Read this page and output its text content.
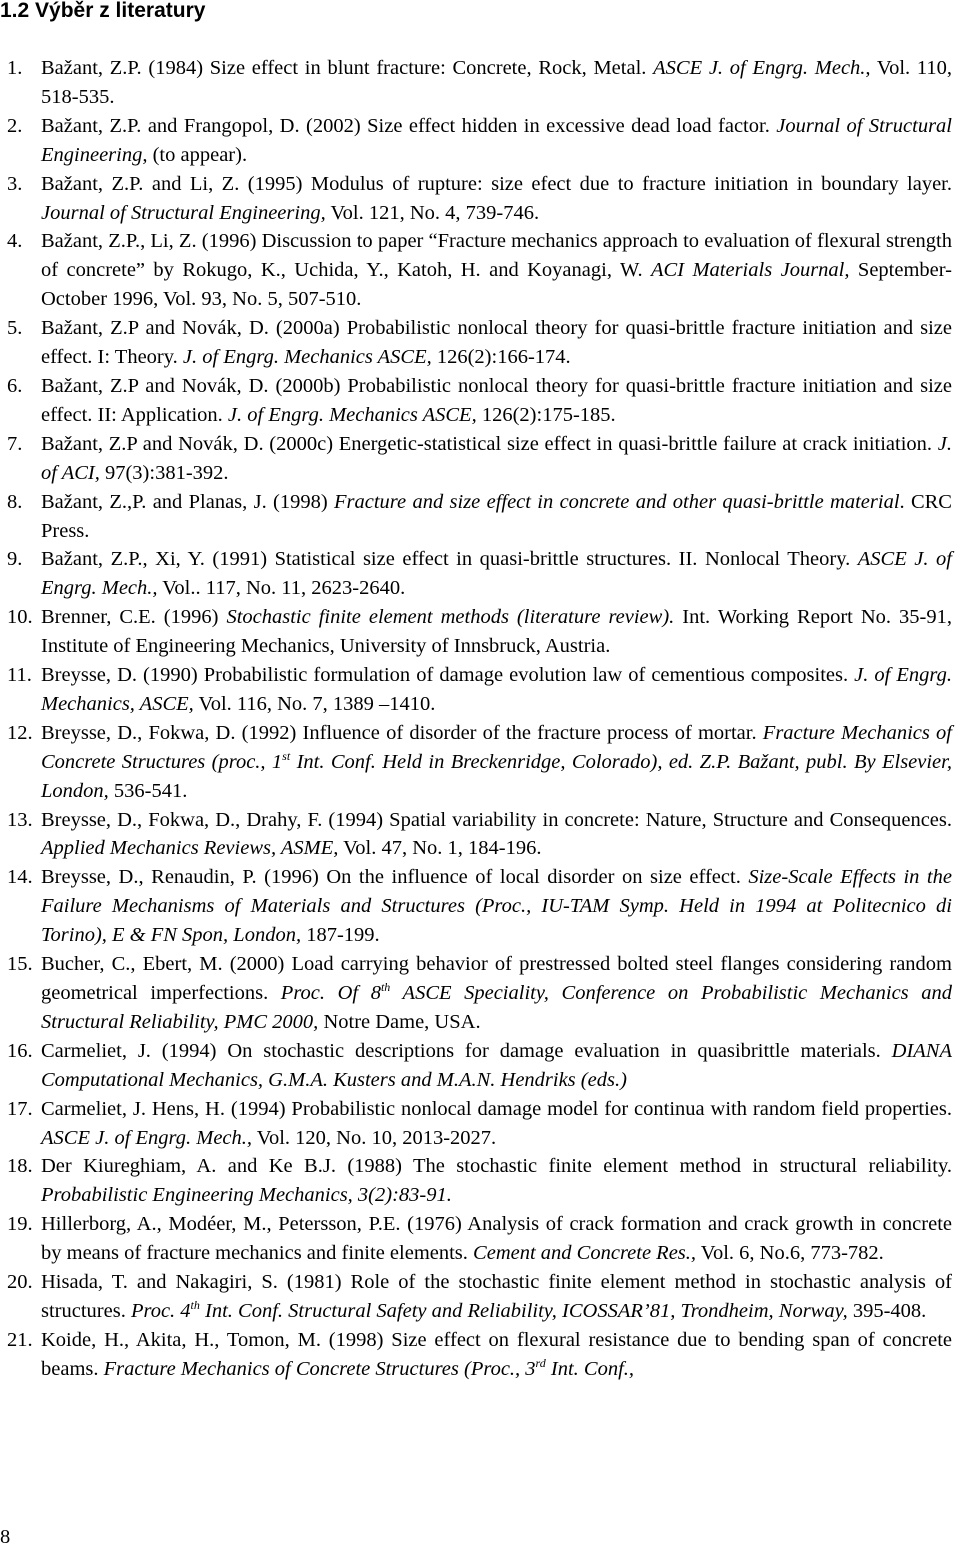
1.2 Výběr z literatury
1. Bažant, Z.P. (1984) Size effect in blunt fracture: Concrete, Rock, Metal. ASCE J. of Engrg. Mech., Vol. 110, 518-535.
2. Bažant, Z.P. and Frangopol, D. (2002) Size effect hidden in excessive dead load factor. Journal of Structural Engineering, (to appear).
3. Bažant, Z.P. and Li, Z. (1995) Modulus of rupture: size efect due to fracture initiation in boundary layer. Journal of Structural Engineering, Vol. 121, No. 4, 739-746.
4. Bažant, Z.P., Li, Z. (1996) Discussion to paper “Fracture mechanics approach to evaluation of flexural strength of concrete” by Rokugo, K., Uchida, Y., Katoh, H. and Koyanagi, W. ACI Materials Journal, September-October 1996, Vol. 93, No. 5, 507-510.
5. Bažant, Z.P and Novák, D. (2000a) Probabilistic nonlocal theory for quasi-brittle fracture initiation and size effect. I: Theory. J. of Engrg. Mechanics ASCE, 126(2):166-174.
6. Bažant, Z.P and Novák, D. (2000b) Probabilistic nonlocal theory for quasi-brittle fracture initiation and size effect. II: Application. J. of Engrg. Mechanics ASCE, 126(2):175-185.
7. Bažant, Z.P and Novák, D. (2000c) Energetic-statistical size effect in quasi-brittle failure at crack initiation. J. of ACI, 97(3):381-392.
8. Bažant, Z.,P. and Planas, J. (1998) Fracture and size effect in concrete and other quasi-brittle material. CRC Press.
9. Bažant, Z.P., Xi, Y. (1991) Statistical size effect in quasi-brittle structures. II. Nonlocal Theory. ASCE J. of Engrg. Mech., Vol.. 117, No. 11, 2623-2640.
10. Brenner, C.E. (1996) Stochastic finite element methods (literature review). Int. Working Report No. 35-91, Institute of Engineering Mechanics, University of Innsbruck, Austria.
11. Breysse, D. (1990) Probabilistic formulation of damage evolution law of cementious composites. J. of Engrg. Mechanics, ASCE, Vol. 116, No. 7, 1389 –1410.
12. Breysse, D., Fokwa, D. (1992) Influence of disorder of the fracture process of mortar. Fracture Mechanics of Concrete Structures (proc., 1st Int. Conf. Held in Breckenridge, Colorado), ed. Z.P. Bažant, publ. By Elsevier, London, 536-541.
13. Breysse, D., Fokwa, D., Drahy, F. (1994) Spatial variability in concrete: Nature, Structure and Consequences. Applied Mechanics Reviews, ASME, Vol. 47, No. 1, 184-196.
14. Breysse, D., Renaudin, P. (1996) On the influence of local disorder on size effect. Size-Scale Effects in the Failure Mechanisms of Materials and Structures (Proc., IU-TAM Symp. Held in 1994 at Politecnico di Torino), E & FN Spon, London, 187-199.
15. Bucher, C., Ebert, M. (2000) Load carrying behavior of prestressed bolted steel flanges considering random geometrical imperfections. Proc. Of 8th ASCE Speciality, Conference on Probabilistic Mechanics and Structural Reliability, PMC 2000, Notre Dame, USA.
16. Carmeliet, J. (1994) On stochastic descriptions for damage evaluation in quasibrittle materials. DIANA Computational Mechanics, G.M.A. Kusters and M.A.N. Hendriks (eds.)
17. Carmeliet, J. Hens, H. (1994) Probabilistic nonlocal damage model for continua with random field properties. ASCE J. of Engrg. Mech., Vol. 120, No. 10, 2013-2027.
18. Der Kiureghiam, A. and Ke B.J. (1988) The stochastic finite element method in structural reliability. Probabilistic Engineering Mechanics, 3(2):83-91.
19. Hillerborg, A., Modéer, M., Petersson, P.E. (1976) Analysis of crack formation and crack growth in concrete by means of fracture mechanics and finite elements. Cement and Concrete Res., Vol. 6, No.6, 773-782.
20. Hisada, T. and Nakagiri, S. (1981) Role of the stochastic finite element method in stochastic analysis of structures. Proc. 4th Int. Conf. Structural Safety and Reliability, ICOSSAR’81, Trondheim, Norway, 395-408.
21. Koide, H., Akita, H., Tomon, M. (1998) Size effect on flexural resistance due to bending span of concrete beams. Fracture Mechanics of Concrete Structures (Proc., 3rd Int. Conf.,
8
